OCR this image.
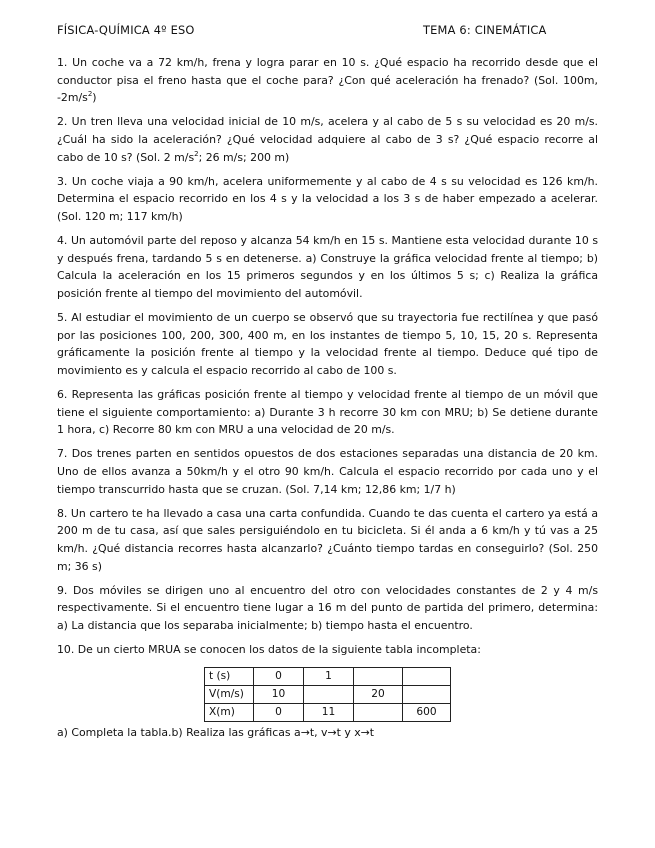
FÍSICA-QUÍMICA 4º ESO	TEMA 6: CINEMÁTICA

1. Un coche va a 72 km/h, frena y logra parar en 10 s. ¿Qué espacio ha recorrido desde que el conductor pisa el freno hasta que el coche para? ¿Con qué aceleración ha frenado? (Sol. 100m, $-2m/s^2$)

2. Un tren lleva una velocidad inicial de 10 m/s, acelera y al cabo de 5 s su velocidad es 20 m/s. ¿Cuál ha sido la aceleración? ¿Qué velocidad adquiere al cabo de 3 s? ¿Qué espacio recorre al cabo de 10 s? (Sol. 2 $m/s^2$; 26 m/s; 200 m)

3. Un coche viaja a 90 km/h, acelera uniformemente y al cabo de 4 s su velocidad es 126 km/h. Determina el espacio recorrido en los 4 s y la velocidad a los 3 s de haber empezado a acelerar. (Sol. 120 m; 117 km/h)

4. Un automóvil parte del reposo y alcanza 54 km/h en 15 s. Mantiene esta velocidad durante 10 s y después frena, tardando 5 s en detenerse. a) Construye la gráfica velocidad frente al tiempo; b) Calcula la aceleración en los 15 primeros segundos y en los últimos 5 s; c) Realiza la gráfica posición frente al tiempo del movimiento del automóvil.

5. Al estudiar el movimiento de un cuerpo se observó que su trayectoria fue rectilínea y que pasó por las posiciones 100, 200, 300, 400 m, en los instantes de tiempo 5, 10, 15, 20 s. Representa gráficamente la posición frente al tiempo y la velocidad frente al tiempo. Deduce qué tipo de movimiento es y calcula el espacio recorrido al cabo de 100 s.

6. Representa las gráficas posición frente al tiempo y velocidad frente al tiempo de un móvil que tiene el siguiente comportamiento: a) Durante 3 h recorre 30 km con MRU; b) Se detiene durante 1 hora, c) Recorre 80 km con MRU a una velocidad de 20 m/s.

7. Dos trenes parten en sentidos opuestos de dos estaciones separadas una distancia de 20 km. Uno de ellos avanza a 50km/h y el otro 90 km/h. Calcula el espacio recorrido por cada uno y el tiempo transcurrido hasta que se cruzan. (Sol. 7,14 km; 12,86 km; 1/7 h)

8. Un cartero te ha llevado a casa una carta confundida. Cuando te das cuenta el cartero ya está a 200 m de tu casa, así que sales persiguiéndolo en tu bicicleta. Si él anda a 6 km/h y tú vas a 25 km/h. ¿Qué distancia recorres hasta alcanzarlo? ¿Cuánto tiempo tardas en conseguirlo? (Sol. 250 m; 36 s)

9. Dos móviles se dirigen uno al encuentro del otro con velocidades constantes de 2 y 4 m/s respectivamente. Si el encuentro tiene lugar a 16 m del punto de partida del primero, determina: a) La distancia que los separaba inicialmente; b) tiempo hasta el encuentro.

10. De un cierto MRUA se conocen los datos de la siguiente tabla incompleta:

t (s)	0	1		
V(m/s)	10		20	
X(m)	0	11		600
a) Completa la tabla.b) Realiza las gráficas a→t, v→t y x→t
